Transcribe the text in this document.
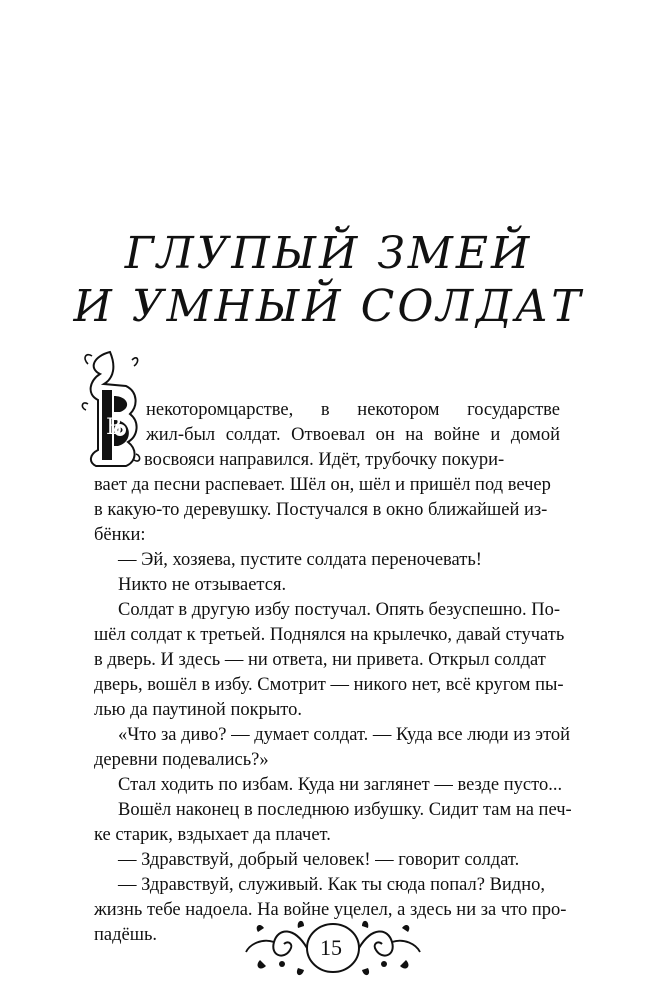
ГЛУПЫЙ ЗМЕЙ
И УМНЫЙ СОЛДАТ
В
некоторомцарстве, в некотором государстве
жил-был солдат. Отвоевал он на войне и домой
восвояси направился. Идёт, трубочку покури-
вает да песни распевает. Шёл он, шёл и пришёл под вечер
в какую-то деревушку. Постучался в окно ближайшей из-
бёнки:
— Эй, хозяева, пустите солдата переночевать!
Никто не отзывается.
Солдат в другую избу постучал. Опять безуспешно. По-
шёл солдат к третьей. Поднялся на крылечко, давай стучать
в дверь. И здесь — ни ответа, ни привета. Открыл солдат
дверь, вошёл в избу. Смотрит — никого нет, всё кругом пы-
лью да паутиной покрыто.
«Что за диво? — думает солдат. — Куда все люди из этой
деревни подевались?»
Стал ходить по избам. Куда ни заглянет — везде пусто...
Вошёл наконец в последнюю избушку. Сидит там на печ-
ке старик, вздыхает да плачет.
— Здравствуй, добрый человек! — говорит солдат.
— Здравствуй, служивый. Как ты сюда попал? Видно,
жизнь тебе надоела. На войне уцелел, а здесь ни за что про-
падёшь.	15
